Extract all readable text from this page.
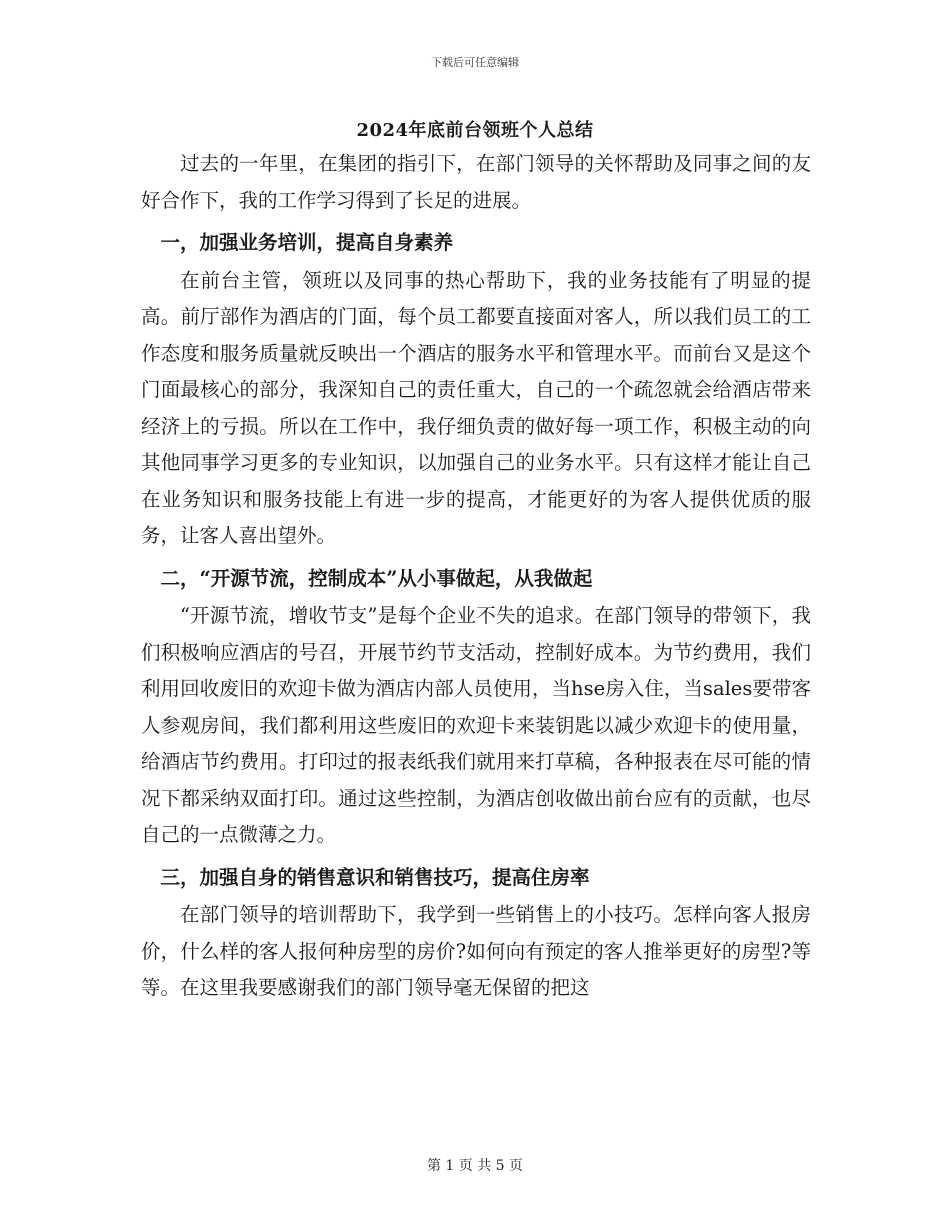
下载后可任意编辑
2024年底前台领班个人总结

过去的一年里，在集团的指引下，在部门领导的关怀帮助及同事之间的友好合作下，我的工作学习得到了长足的进展。

一，加强业务培训，提高自身素养

在前台主管，领班以及同事的热心帮助下，我的业务技能有了明显的提高。前厅部作为酒店的门面，每个员工都要直接面对客人，所以我们员工的工作态度和服务质量就反映出一个酒店的服务水平和管理水平。而前台又是这个门面最核心的部分，我深知自己的责任重大，自己的一个疏忽就会给酒店带来经济上的亏损。所以在工作中，我仔细负责的做好每一项工作，积极主动的向其他同事学习更多的专业知识，以加强自己的业务水平。只有这样才能让自己在业务知识和服务技能上有进一步的提高，才能更好的为客人提供优质的服务，让客人喜出望外。

二，“开源节流，控制成本”从小事做起，从我做起

“开源节流，增收节支”是每个企业不失的追求。在部门领导的带领下，我们积极响应酒店的号召，开展节约节支活动，控制好成本。为节约费用，我们利用回收废旧的欢迎卡做为酒店内部人员使用，当hse房入住，当sales要带客人参观房间，我们都利用这些废旧的欢迎卡来装钥匙以减少欢迎卡的使用量，给酒店节约费用。打印过的报表纸我们就用来打草稿，各种报表在尽可能的情况下都采纳双面打印。通过这些控制，为酒店创收做出前台应有的贡献，也尽自己的一点微薄之力。

三，加强自身的销售意识和销售技巧，提高住房率

在部门领导的培训帮助下，我学到一些销售上的小技巧。怎样向客人报房价，什么样的客人报何种房型的房价?如何向有预定的客人推举更好的房型?等等。在这里我要感谢我们的部门领导毫无保留的把这

第 1 页 共 5 页
